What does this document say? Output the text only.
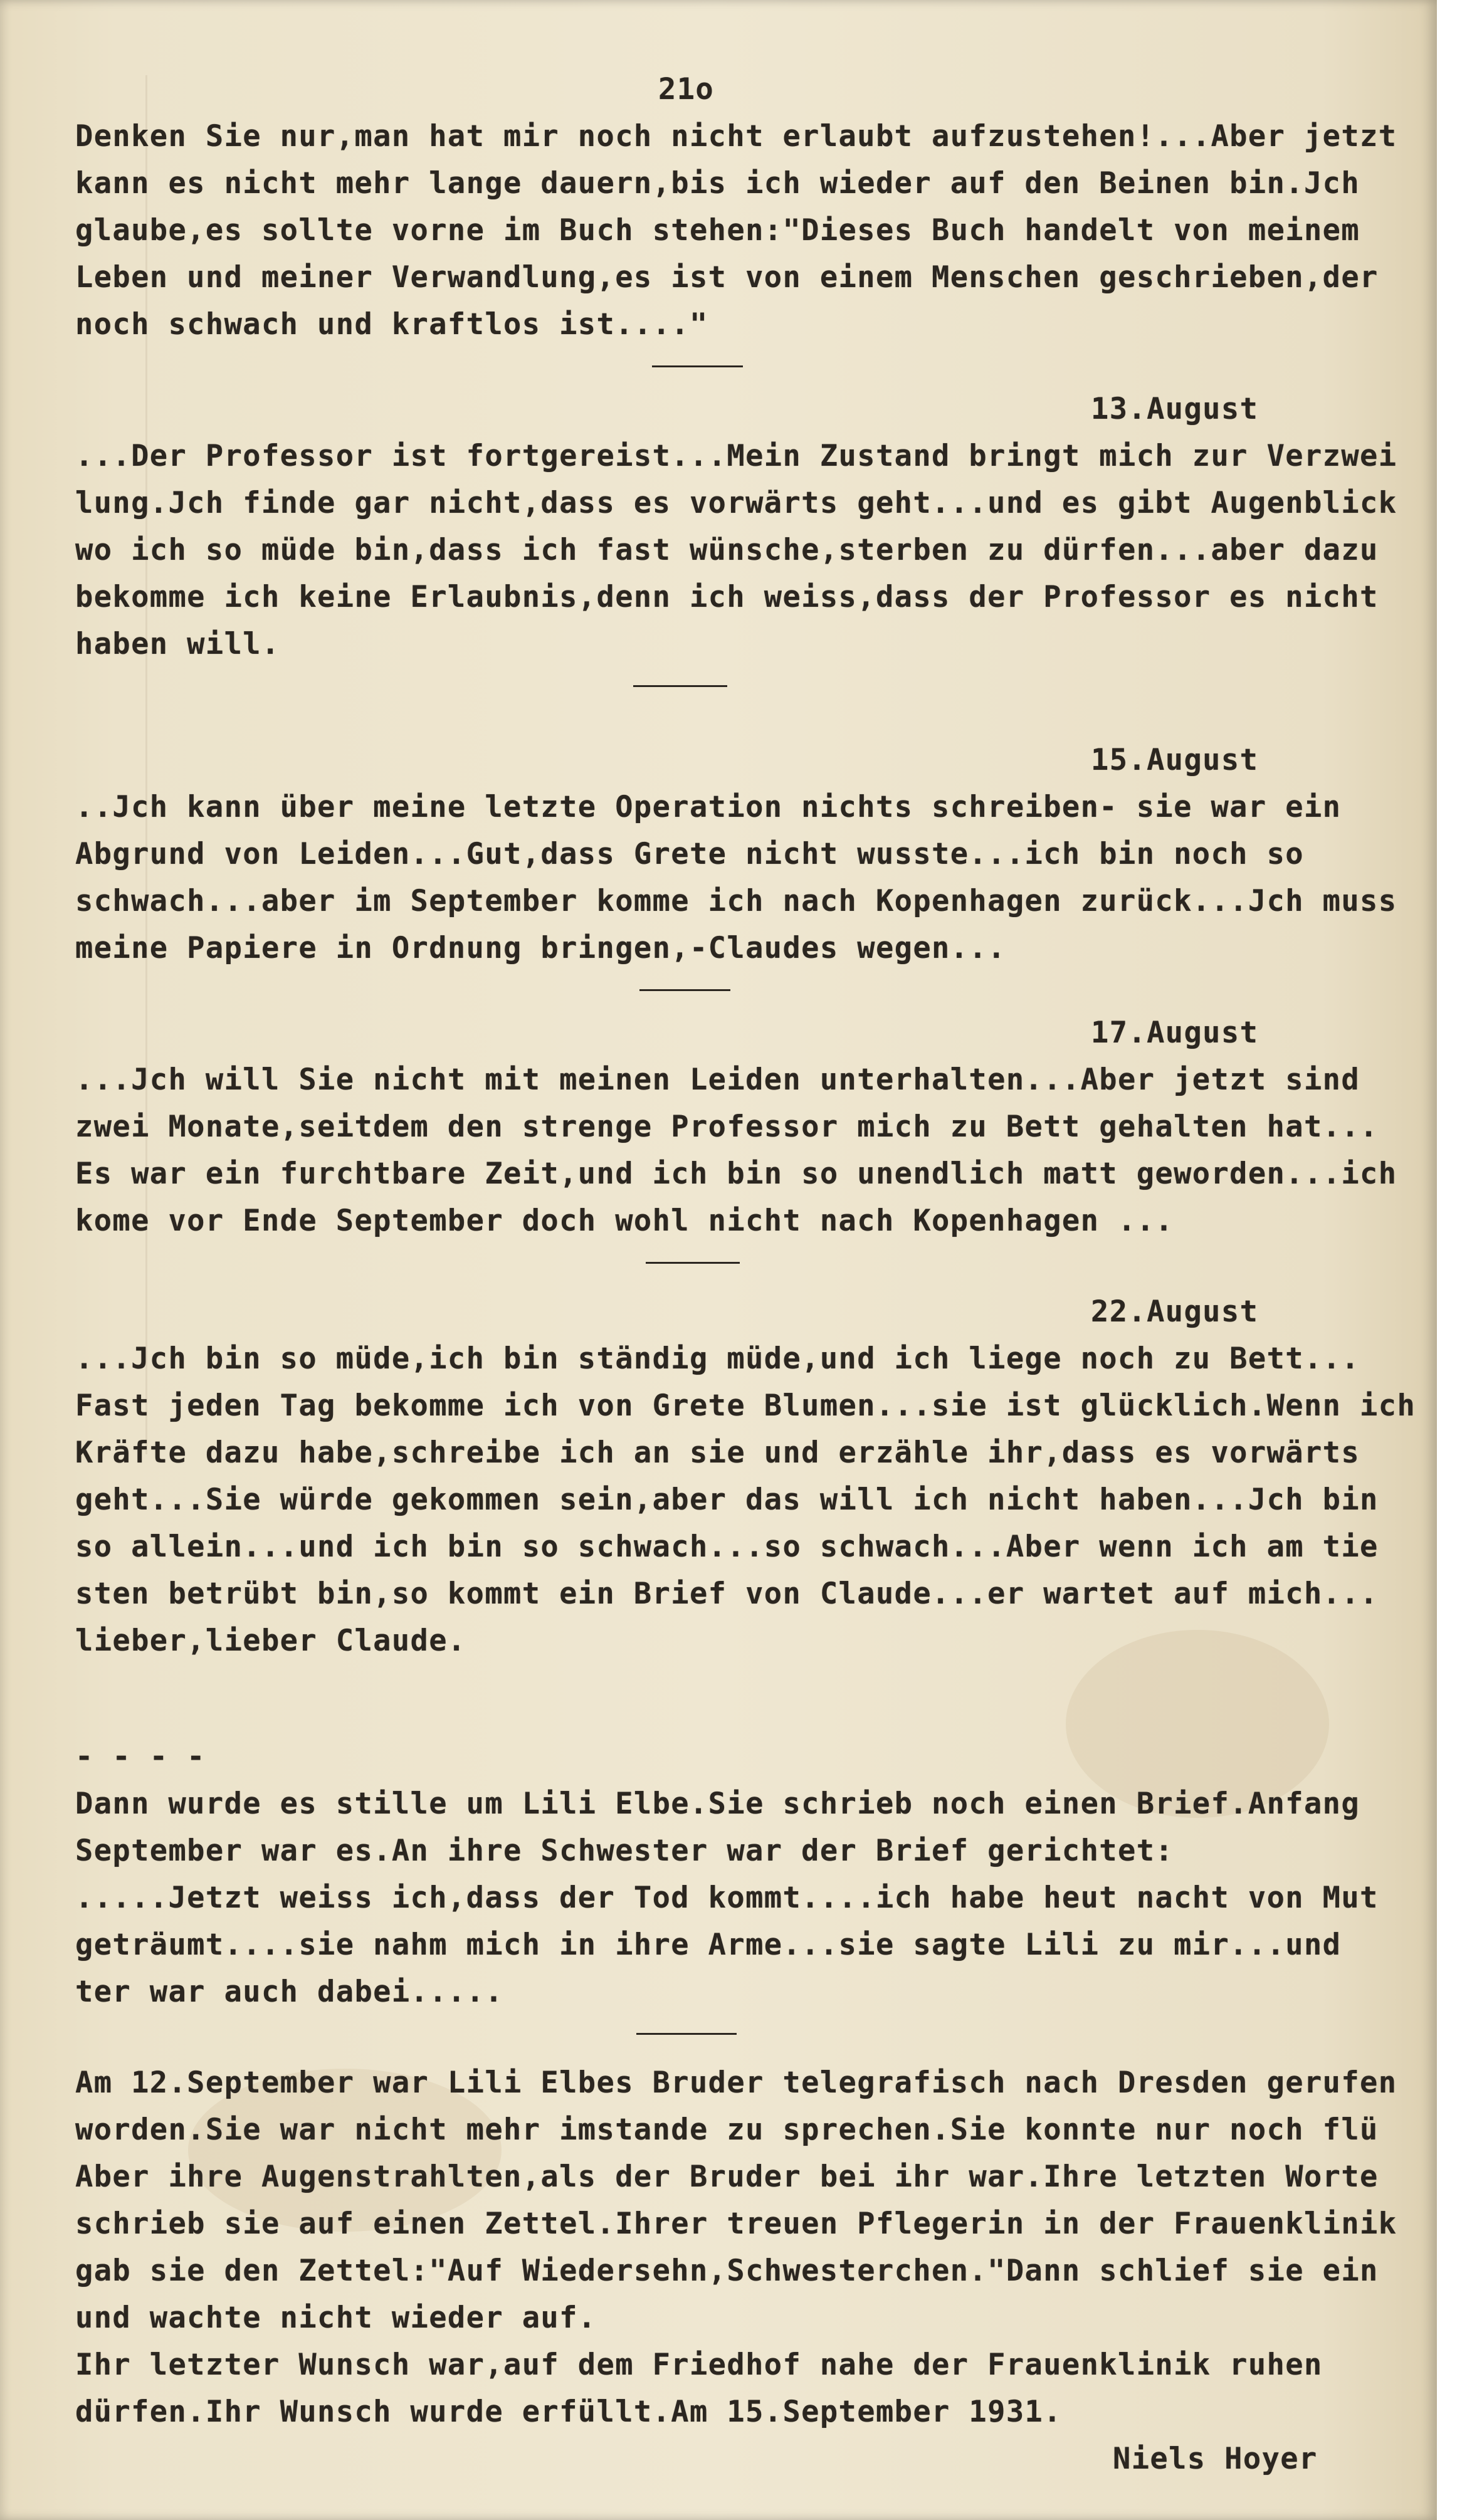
21o
Denken Sie nur,man hat mir noch nicht erlaubt aufzustehen!...Aber jetzt
kann es nicht mehr lange dauern,bis ich wieder auf den Beinen bin.Jch
glaube,es sollte vorne im Buch stehen:"Dieses Buch handelt von meinem
Leben und meiner Verwandlung,es ist von einem Menschen geschrieben,der
noch schwach und kraftlos ist...."
13.August
...Der Professor ist fortgereist...Mein Zustand bringt mich zur Verzwei
lung.Jch finde gar nicht,dass es vorwärts geht...und es gibt Augenblick
wo ich so müde bin,dass ich fast wünsche,sterben zu dürfen...aber dazu
bekomme ich keine Erlaubnis,denn ich weiss,dass der Professor es nicht
haben will.
15.August
..Jch kann über meine letzte Operation nichts schreiben- sie war ein
Abgrund von Leiden...Gut,dass Grete nicht wusste...ich bin noch so
schwach...aber im September komme ich nach Kopenhagen zurück...Jch muss
meine Papiere in Ordnung bringen,-Claudes wegen...
17.August
...Jch will Sie nicht mit meinen Leiden unterhalten...Aber jetzt sind
zwei Monate,seitdem den strenge Professor mich zu Bett gehalten hat...
Es war ein furchtbare Zeit,und ich bin so unendlich matt geworden...ich
kome vor Ende September doch wohl nicht nach Kopenhagen ...
22.August
...Jch bin so müde,ich bin ständig müde,und ich liege noch zu Bett...
Fast jeden Tag bekomme ich von Grete Blumen...sie ist glücklich.Wenn ich
Kräfte dazu habe,schreibe ich an sie und erzähle ihr,dass es vorwärts
geht...Sie würde gekommen sein,aber das will ich nicht haben...Jch bin
so allein...und ich bin so schwach...so schwach...Aber wenn ich am tie
sten betrübt bin,so kommt ein Brief von Claude...er wartet auf mich...
lieber,lieber Claude.
- - - -
Dann wurde es stille um Lili Elbe.Sie schrieb noch einen Brief.Anfang
September war es.An ihre Schwester war der Brief gerichtet:
.....Jetzt weiss ich,dass der Tod kommt....ich habe heut nacht von Mut
geträumt....sie nahm mich in ihre Arme...sie sagte Lili zu mir...und
ter war auch dabei.....
Am 12.September war Lili Elbes Bruder telegrafisch nach Dresden gerufen
worden.Sie war nicht mehr imstande zu sprechen.Sie konnte nur noch flü
Aber ihre Augenstrahlten,als der Bruder bei ihr war.Ihre letzten Worte
schrieb sie auf einen Zettel.Ihrer treuen Pflegerin in der Frauenklinik
gab sie den Zettel:"Auf Wiedersehn,Schwesterchen."Dann schlief sie ein
und wachte nicht wieder auf.
Ihr letzter Wunsch war,auf dem Friedhof nahe der Frauenklinik ruhen
dürfen.Ihr Wunsch wurde erfüllt.Am 15.September 1931.
Niels Hoyer
